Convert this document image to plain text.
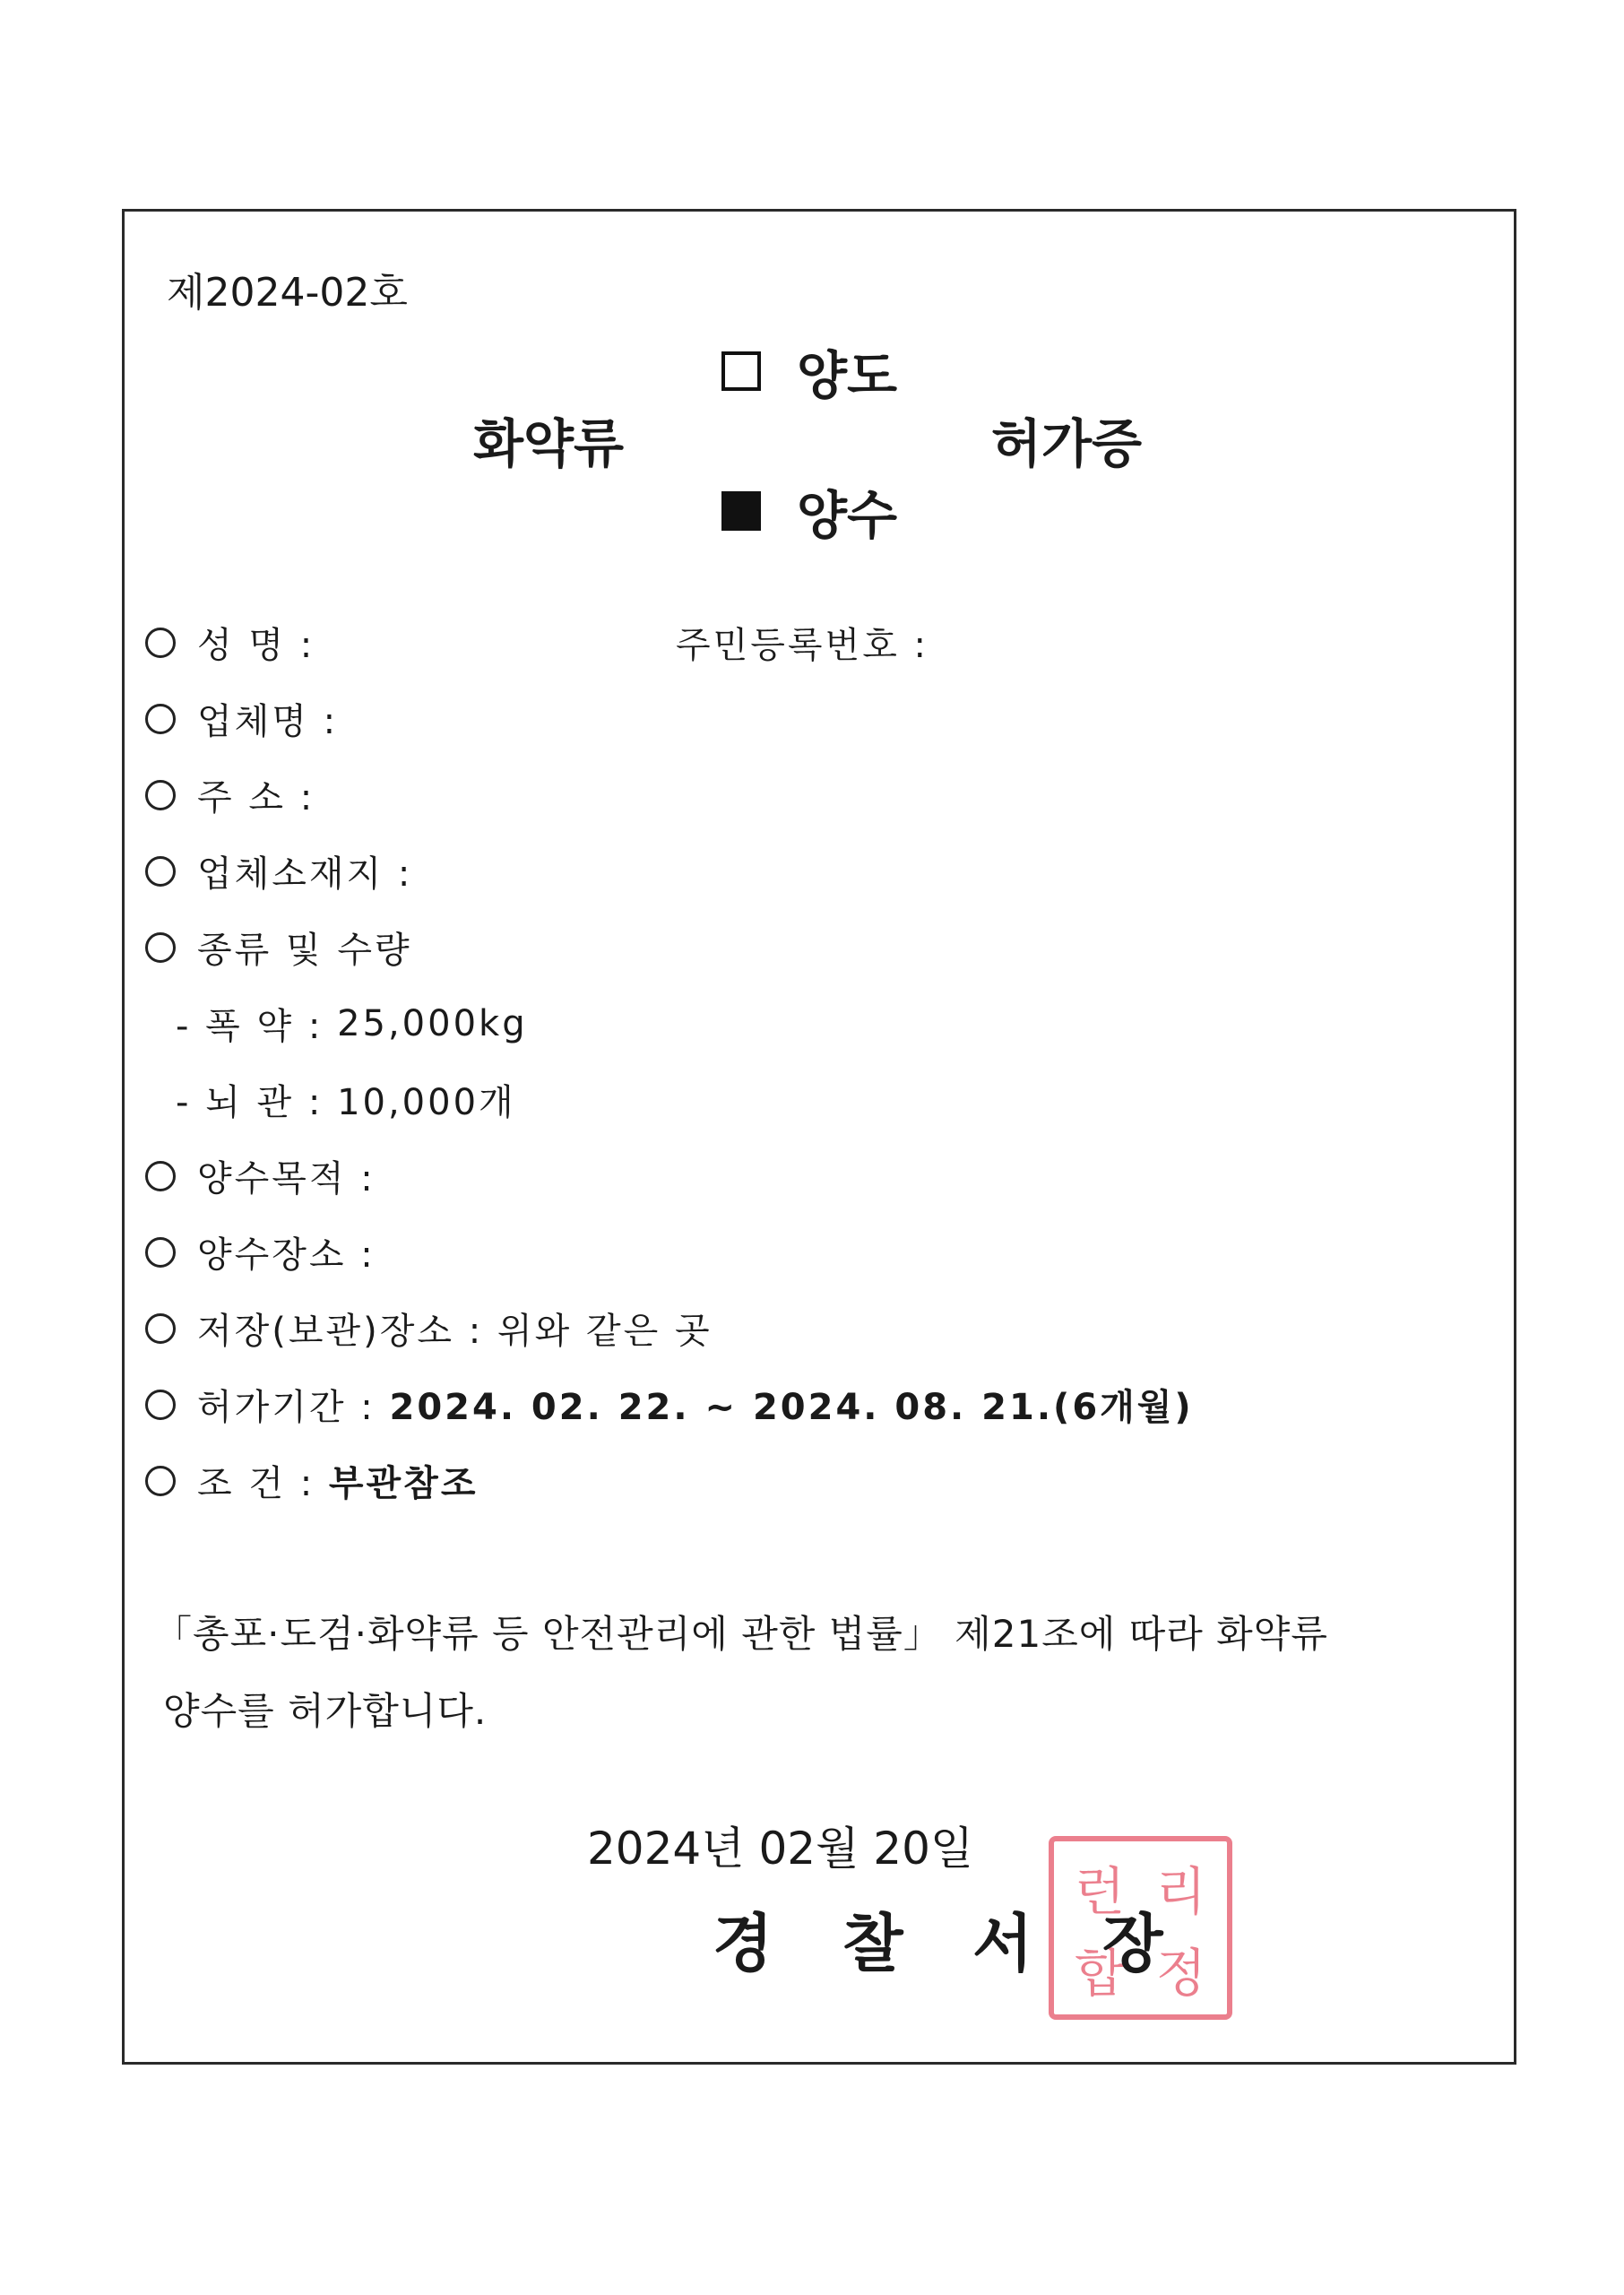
제2024-02호
양도
화약류	허가증
양수
성 명 :	주민등록번호 :
업체명 :
주 소 :
업체소재지 :
종류 및 수량
- 폭 약 :
25,000kg
- 뇌 관 :
10,000개
양수목적 :
양수장소 :
저장(보관)장소 :
위와 같은 곳
허가기간 :
2024. 02. 22. ~ 2024. 08. 21.(6개월)
조 건 :
부관참조
「총포·도검·화약류 등 안전관리에 관한 법률」 제21조에 따라 화약류
양수를 허가합니다.
2024년 02월 20일
경 찰 서
런 리
합 정
장
